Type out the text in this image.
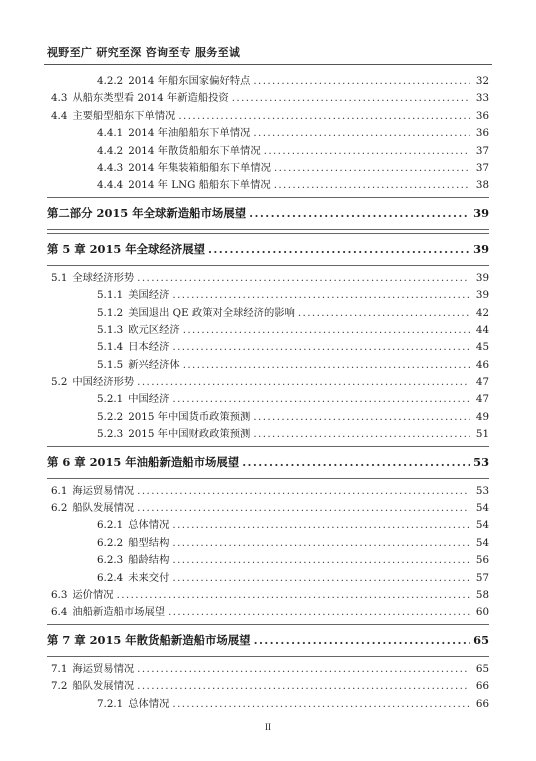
视野至广 研究至深 咨询至专 服务至诚
4.2.2 2014 年船东国家偏好特点 .....	32
4.3 从船东类型看 2014 年新造船投资 .....	33
4.4 主要船型船东下单情况 .....	36
4.4.1 2014 年油船船东下单情况 .....	36
4.4.2 2014 年散货船船东下单情况 .....	37
4.4.3 2014 年集装箱船船东下单情况 .....	37
4.4.4 2014 年 LNG 船船东下单情况 .....	38
第二部分 2015 年全球新造船市场展望 .....	39
第 5 章 2015 年全球经济展望 .....	39
5.1 全球经济形势 .....	39
5.1.1 美国经济 .....	39
5.1.2 美国退出 QE 政策对全球经济的影响 .....	42
5.1.3 欧元区经济 .....	44
5.1.4 日本经济 .....	45
5.1.5 新兴经济体 .....	46
5.2 中国经济形势 .....	47
5.2.1 中国经济 .....	47
5.2.2 2015 年中国货币政策预测 .....	49
5.2.3 2015 年中国财政政策预测 .....	51
第 6 章 2015 年油船新造船市场展望 .....	53
6.1 海运贸易情况 .....	53
6.2 船队发展情况 .....	54
6.2.1 总体情况 .....	54
6.2.2 船型结构 .....	54
6.2.3 船龄结构 .....	56
6.2.4 未来交付 .....	57
6.3 运价情况 .....	58
6.4 油船新造船市场展望 .....	60
第 7 章 2015 年散货船新造船市场展望 .....	65
7.1 海运贸易情况 .....	65
7.2 船队发展情况 .....	66
7.2.1 总体情况 .....	66
II
